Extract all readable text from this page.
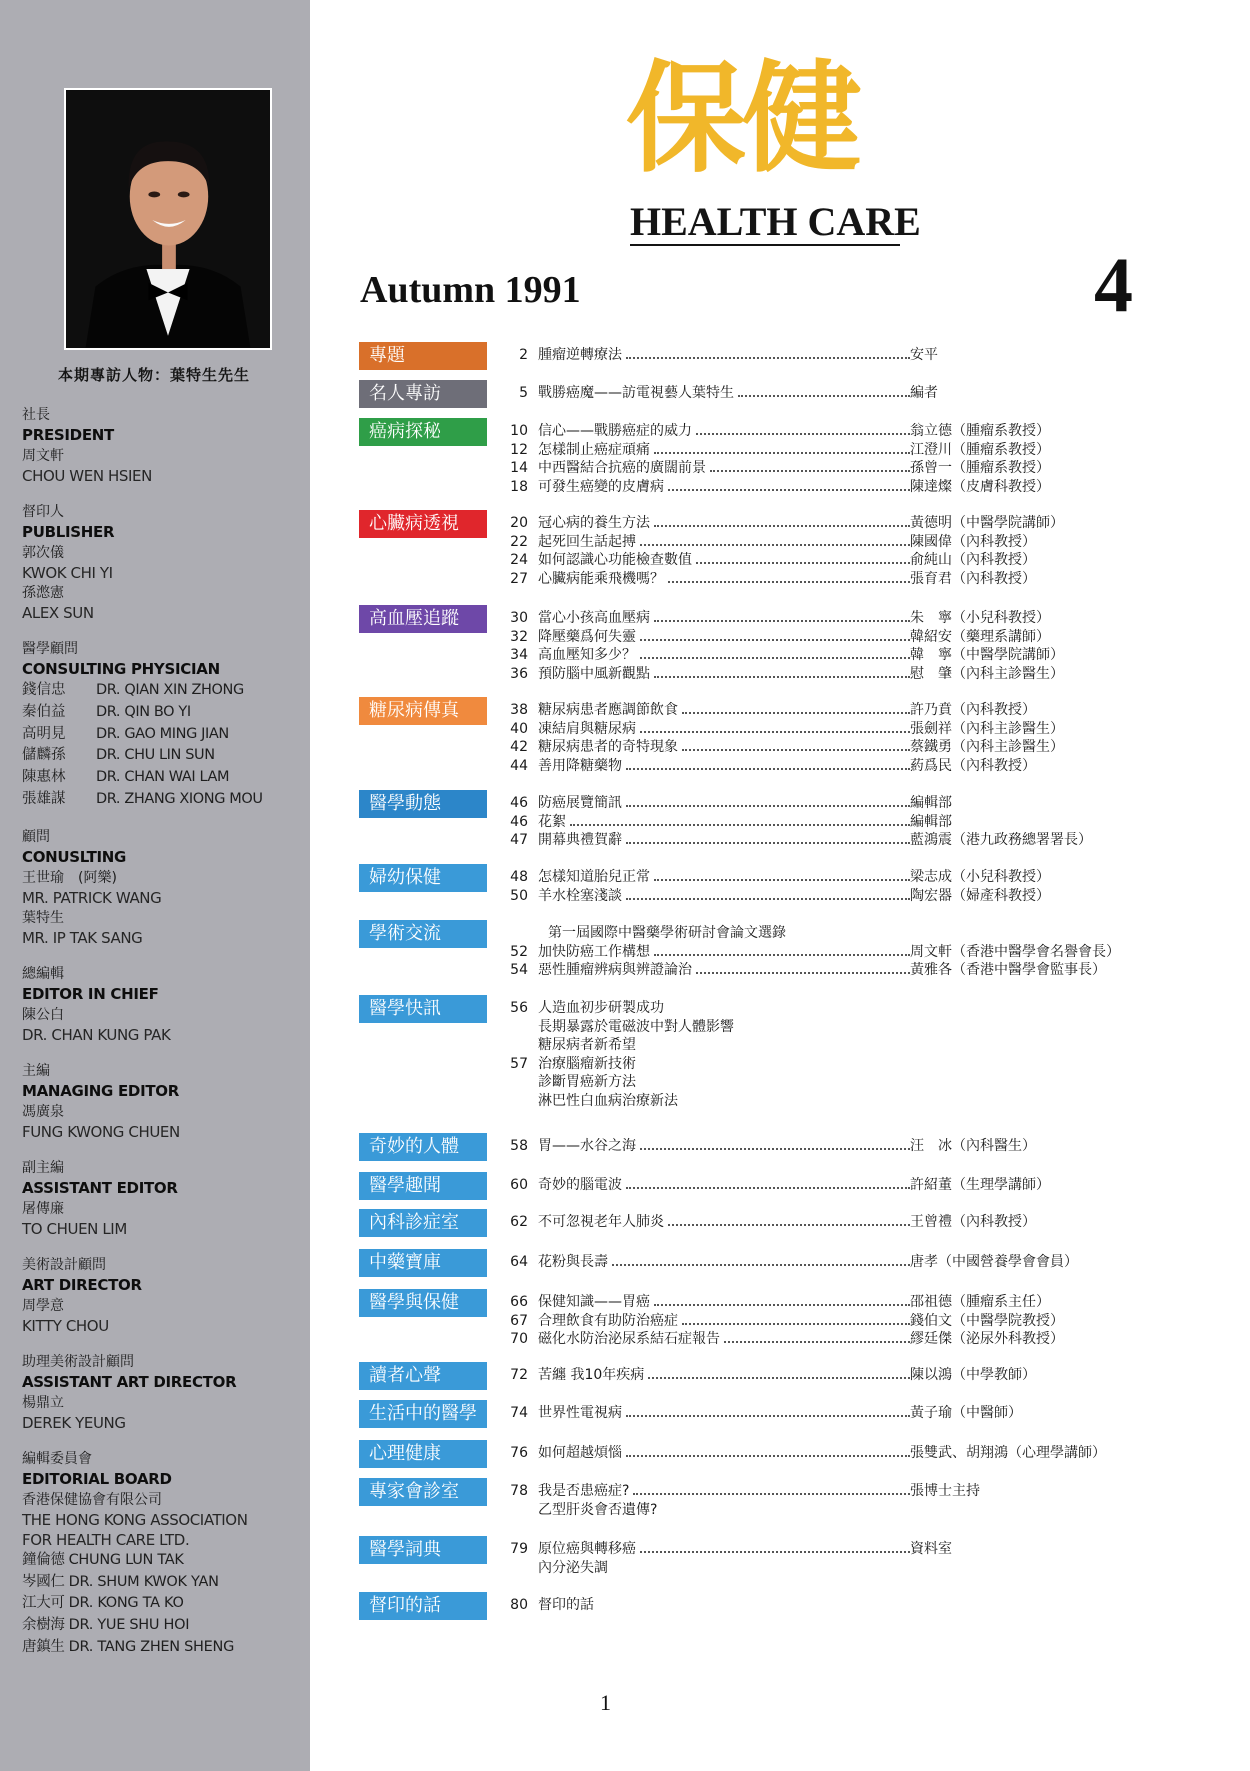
本期專訪人物：葉特生先生
社長
PRESIDENT
周文軒
CHOU WEN HSIEN
督印人
PUBLISHER
郭次儀
KWOK CHI YI
孫滺憲
ALEX SUN
醫學顧問
CONSULTING PHYSICIAN
錢信忠 DR. QIAN XIN ZHONG
秦伯益 DR. QIN BO YI
高明見 DR. GAO MING JIAN
儲麟孫 DR. CHU LIN SUN
陳惠林 DR. CHAN WAI LAM
張雄謀 DR. ZHANG XIONG MOU
顧問
CONUSLTING
王世瑜　(阿樂)
MR. PATRICK WANG
葉特生
MR. IP TAK SANG
總編輯
EDITOR IN CHIEF
陳公白
DR. CHAN KUNG PAK
主編
MANAGING EDITOR
馮廣泉
FUNG KWONG CHUEN
副主編
ASSISTANT EDITOR
屠傳廉
TO CHUEN LIM
美術設計顧問
ART DIRECTOR
周學意
KITTY CHOU
助理美術設計顧問
ASSISTANT ART DIRECTOR
楊鼎立
DEREK YEUNG
編輯委員會
EDITORIAL BOARD
香港保健協會有限公司
THE HONG KONG ASSOCIATION
FOR HEALTH CARE LTD.
鐘倫德 CHUNG LUN TAK
岑國仁 DR. SHUM KWOK YAN
江大可 DR. KONG TA KO
余樹海 DR. YUE SHU HOI
唐鎮生 DR. TANG ZHEN SHENG
保健
HEALTH CARE
Autumn 1991	4
專題	2 腫瘤逆轉療法	安平
名人專訪	5 戰勝癌魔——訪電視藝人葉特生	編者
癌病探秘	10 信心——戰勝癌症的威力	翁立德（腫瘤系教授）
12 怎樣制止癌症頑痛	江澄川（腫瘤系教授）
14 中西醫結合抗癌的廣闊前景	孫曾一（腫瘤系教授）
18 可發生癌變的皮膚病	陳達燦（皮膚科教授）
心臟病透視	20 冠心病的養生方法	黃德明（中醫學院講師）
22 起死回生話起搏	陳國偉（內科教授）
24 如何認識心功能檢查數值	俞純山（內科教授）
27 心臟病能乘飛機嗎？	張育君（內科教授）
高血壓追蹤	30 當心小孩高血壓病	朱　寧（小兒科教授）
32 降壓藥爲何失靈	韓紹安（藥理系講師）
34 高血壓知多少？	韓　寧（中醫學院講師）
36 預防腦中風新觀點	慰　肇（內科主診醫生）
糖尿病傳真	38 糖尿病患者應調節飲食	許乃賁（內科教授）
40 凍結肩與糖尿病	張劍祥（內科主診醫生）
42 糖尿病患者的奇特現象	蔡鐵勇（內科主診醫生）
44 善用降糖藥物	葯爲民（內科教授）
醫學動態	46 防癌展覽簡訊	編輯部
46 花絮	編輯部
47 開幕典禮賀辭	藍鴻震（港九政務總署署長）
婦幼保健	48 怎樣知道胎兒正常	梁志成（小兒科教授）
50 羊水栓塞淺談	陶宏器（婦產科教授）
學術交流	第一屆國際中醫藥學術研討會論文選錄
52 加快防癌工作構想	周文軒（香港中醫學會名譽會長）
54 惡性腫瘤辨病與辨證論治	黃雅各（香港中醫學會監事長）
醫學快訊	56 人造血初步研製成功
長期暴露於電磁波中對人體影響
糖尿病者新希望
57 治療腦瘤新技術
診斷胃癌新方法
淋巴性白血病治療新法
奇妙的人體	58 胃——水谷之海	汪　冰（內科醫生）
醫學趣聞	60 奇妙的腦電波	許紹董（生理學講師）
內科診症室	62 不可忽視老年人肺炎	王曾禮（內科教授）
中藥寶庫	64 花粉與長壽	唐孝（中國營養學會會員）
醫學與保健	66 保健知識——胃癌	邵祖德（腫瘤系主任）
67 合理飲食有助防治癌症	錢伯文（中醫學院教授）
70 磁化水防治泌尿系結石症報告	繆廷傑（泌尿外科教授）
讀者心聲	72 苦纏 我10年疾病	陳以鴻（中學教師）
生活中的醫學	74 世界性電視病	黃子瑜（中醫師）
心理健康	76 如何超越煩惱	張雙武、胡翔鴻（心理學講師）
專家會診室	78 我是否患癌症?	張博士主持
乙型肝炎會否遺傳?
醫學詞典	79 原位癌與轉移癌	資料室
內分泌失調
督印的話	80 督印的話
1
